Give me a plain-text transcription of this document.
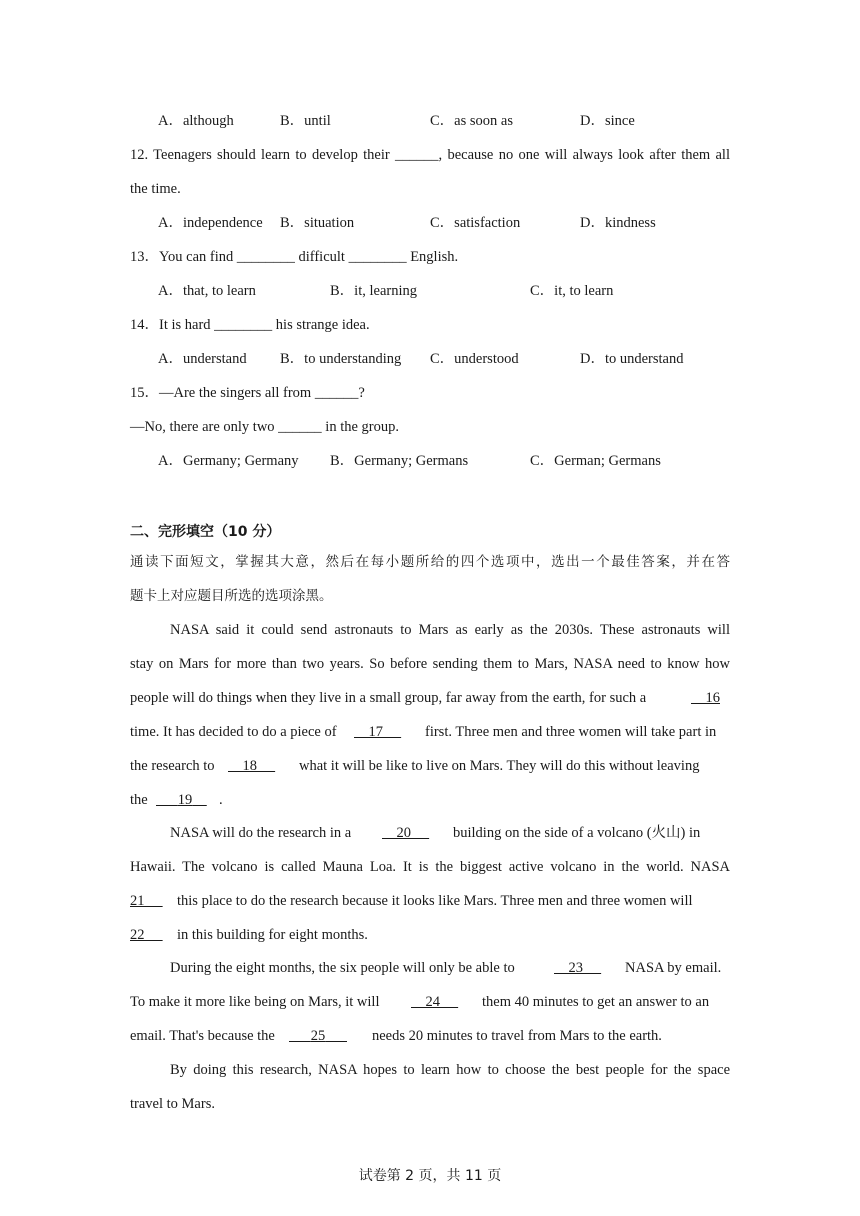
A．although	B．until	C．as soon as	D．since
12. Teenagers should learn to develop their ______, because no one will always look after them all
the time.
A．independence B．situation	C．satisfaction	D．kindness
13．You can find ________ difficult ________ English.
A．that, to learn	B．it, learning	C．it, to learn
14．It is hard ________ his strange idea.
A．understand B．to understanding C．understood	D．to understand
15．—Are the singers all from ______?
—No, there are only two ______ in the group.
A．Germany; Germany B．Germany; Germans	C．German; Germans
二、完形填空（10 分）
通读下面短文，掌握其大意，然后在每小题所给的四个选项中，选出一个最佳答案，并在答
题卡上对应题目所选的选项涂黑。
NASA said it could send astronauts to Mars as early as the 2030s. These astronauts will
stay on Mars for more than two years. So before sending them to Mars, NASA need to know how
people will do things when they live in a small group, far away from the earth, for such a	16
time. It has decided to do a piece of	17	first. Three men and three women will take part in
the research to	18	what it will be like to live on Mars. They will do this without leaving
the	19	.
NASA will do the research in a	20	building on the side of a volcano (火山) in
Hawaii. The volcano is called Mauna Loa. It is the biggest active volcano in the world. NASA
21	this place to do the research because it looks like Mars. Three men and three women will
22	in this building for eight months.
During the eight months, the six people will only be able to	23	NASA by email.
To make it more like being on Mars, it will	24	them 40 minutes to get an answer to an
email. That's because the	25	needs 20 minutes to travel from Mars to the earth.
By doing this research, NASA hopes to learn how to choose the best people for the space
travel to Mars.
试卷第 2 页，共 11 页
